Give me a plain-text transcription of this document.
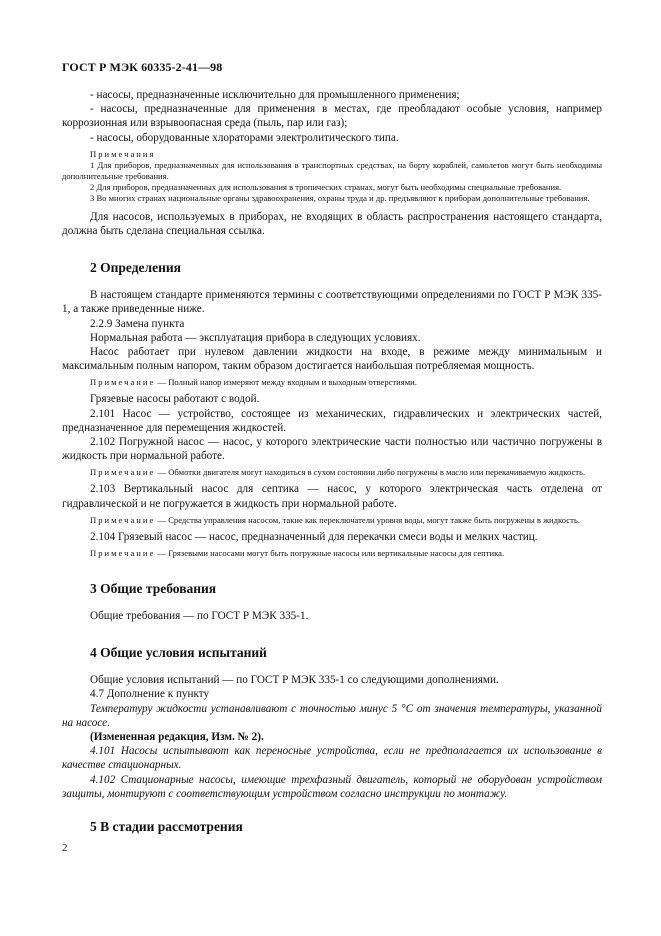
ГОСТ Р МЭК 60335-2-41—98

- насосы, предназначенные исключительно для промышленного применения;

- насосы, предназначенные для применения в местах, где преобладают особые условия, например коррозионная или взрывоопасная среда (пыль, пар или газ);

- насосы, оборудованные хлораторами электролитического типа.

Примечания

1 Для приборов, предназначенных для использования в транспортных средствах, на борту кораблей, самолетов могут быть необходимы дополнительные требования.

2 Для приборов, предназначенных для использования в тропических странах, могут быть необходимы специальные требования.

3 Во многих странах национальные органы здравоохранения, охраны труда и др. предъявляют к приборам дополнительные требования.

Для насосов, используемых в приборах, не входящих в область распространения настоящего стандарта, должна быть сделана специальная ссылка.

2 Определения

В настоящем стандарте применяются термины с соответствующими определениями по ГОСТ Р МЭК 335-1, а также приведенные ниже.

2.2.9 Замена пункта

Нормальная работа — эксплуатация прибора в следующих условиях.

Насос работает при нулевом давлении жидкости на входе, в режиме между минимальным и максимальным полным напором, таким образом достигается наибольшая потребляемая мощность.

Примечание — Полный напор измеряют между входным и выходным отверстиями.

Грязевые насосы работают с водой.

2.101 Насос — устройство, состоящее из механических, гидравлических и электрических частей, предназначенное для перемещения жидкостей.

2.102 Погружной насос — насос, у которого электрические части полностью или частично погружены в жидкость при нормальной работе.

Примечание — Обмотки двигателя могут находиться в сухом состоянии либо погружены в масло или перекачиваемую жидкость.

2.103 Вертикальный насос для септика — насос, у которого электрическая часть отделена от гидравлической и не погружается в жидкость при нормальной работе.

Примечание — Средства управления насосом, такие как переключатели уровня воды, могут также быть погружены в жидкость.

2.104 Грязевый насос — насос, предназначенный для перекачки смеси воды и мелких частиц.

Примечание — Грязевыми насосами могут быть погружные насосы или вертикальные насосы для септика.

3 Общие требования

Общие требования — по ГОСТ Р МЭК 335-1.

4 Общие условия испытаний

Общие условия испытаний — по ГОСТ Р МЭК 335-1 со следующими дополнениями.

4.7 Дополнение к пункту

Температуру жидкости устанавливают с точностью минус 5 °С от значения температуры, указанной на насосе.

(Измененная редакция, Изм. № 2).

4.101 Насосы испытывают как переносные устройства, если не предполагается их использование в качестве стационарных.

4.102 Стационарные насосы, имеющие трехфазный двигатель, который не оборудован устройством защиты, монтируют с соответствующим устройством согласно инструкции по монтажу.

5 В стадии рассмотрения
2
